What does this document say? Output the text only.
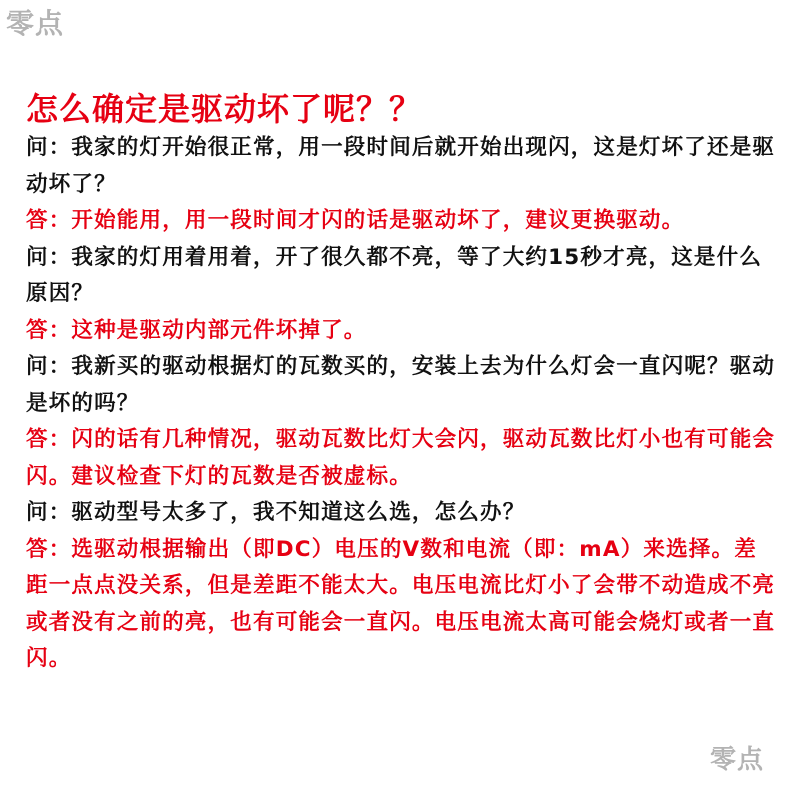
零点
怎么确定是驱动坏了呢？？

问：我家的灯开始很正常，用一段时间后就开始出现闪，这是灯坏了还是驱动坏了？

答：开始能用，用一段时间才闪的话是驱动坏了，建议更换驱动。

问：我家的灯用着用着，开了很久都不亮，等了大约15秒才亮，这是什么原因？

答：这种是驱动内部元件坏掉了。

问：我新买的驱动根据灯的瓦数买的，安装上去为什么灯会一直闪呢？驱动是坏的吗？

答：闪的话有几种情况，驱动瓦数比灯大会闪，驱动瓦数比灯小也有可能会闪。建议检查下灯的瓦数是否被虚标。

问：驱动型号太多了，我不知道这么选，怎么办？

答：选驱动根据输出（即DC）电压的V数和电流（即：mA）来选择。差距一点点没关系，但是差距不能太大。电压电流比灯小了会带不动造成不亮或者没有之前的亮，也有可能会一直闪。电压电流太高可能会烧灯或者一直闪。

零点
